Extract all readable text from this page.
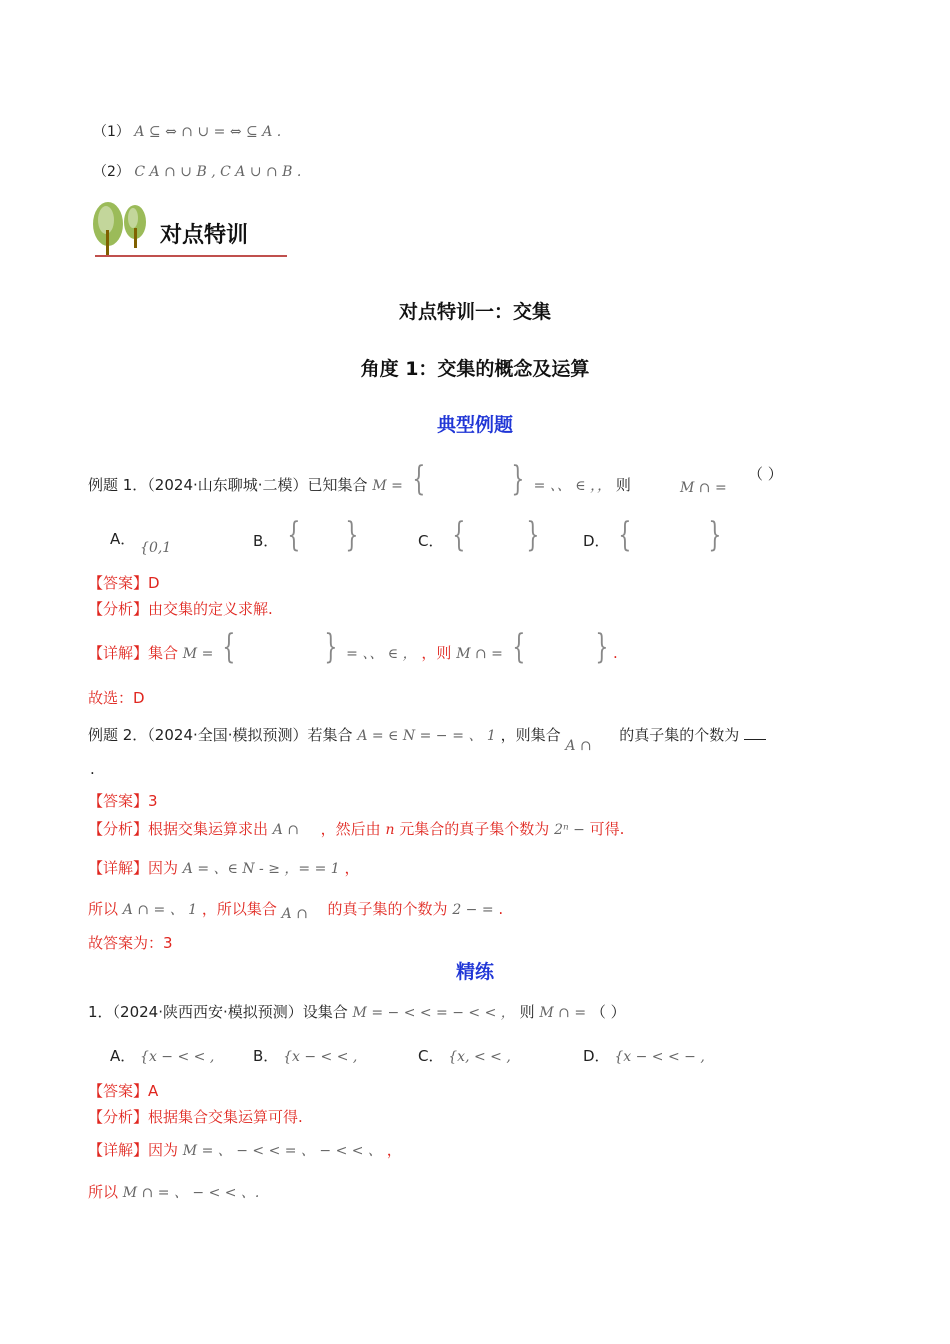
（1） A ⊆ ⇔ ∩ ∪ = ⇔ ⊆ A .
（2） C A ∩ ∪ B , C A ∪ ∩ B .
对点特训
对点特训一：交集
角度 1：交集的概念及运算
典型例题
例题 1．（2024·山东聊城·二模）已知集合 M = {	} = 、、 ∈ ，， 则	M ∩ =
（ ）
A． {0,1	B． { }	C． { }	D． { }
【答案】D
【分析】由交集的定义求解.
【详解】集合 M = {	} = 、、 ∈ ， ，则 M ∩ = { } .
故选：D
例题 2．（2024·全国·模拟预测）若集合 A = ∈ N = − = 、 1 ，则集合 A ∩  的真子集的个数为
.
【答案】3
【分析】根据交集运算求出 A ∩ ，然后由 n 元集合的真子集个数为 2ⁿ − 可得.
【详解】因为 A = 、∈ N - ≥ ，= = 1 ，
所以 A ∩ = 、 1 ，所以集合 A ∩ 的真子集的个数为 2 − = .
故答案为：3
精练
1．（2024·陕西西安·模拟预测）设集合 M = − < < = − < < ， 则 M ∩ = （ ）
A． {x − < < ,	B． {x − < < ,	C． {x, < < ,	D． {x − < < − ,
【答案】A
【分析】根据集合交集运算可得.
【详解】因为 M = 、 − < < = 、 − < < 、 ，
所以 M ∩ = 、 − < < 、.
